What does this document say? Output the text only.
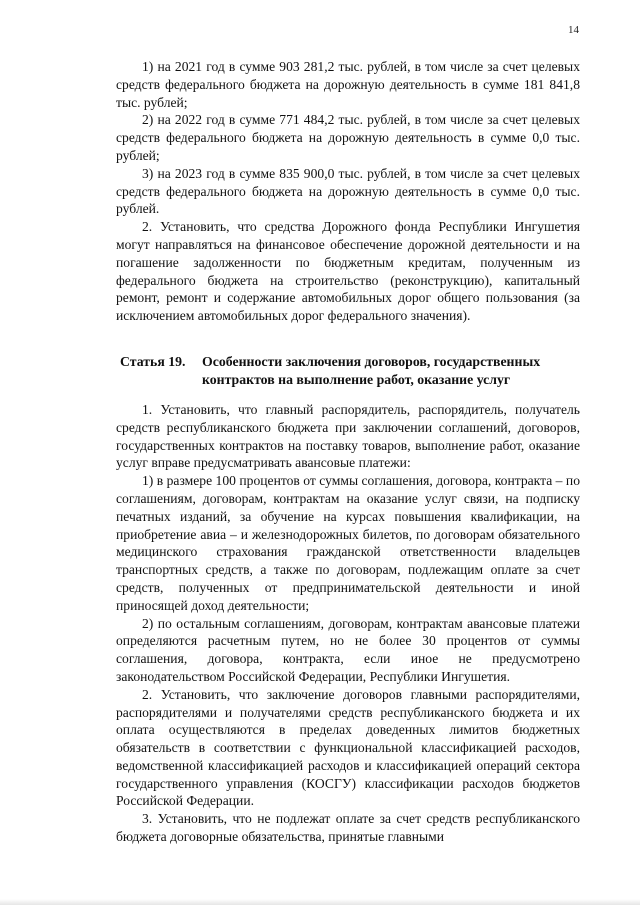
14

1) на 2021 год в сумме 903 281,2 тыс. рублей, в том числе за счет целевых средств федерального бюджета на дорожную деятельность в сумме 181 841,8 тыс. рублей;

2) на 2022 год в сумме 771 484,2 тыс. рублей, в том числе за счет целевых средств федерального бюджета на дорожную деятельность в сумме 0,0 тыс. рублей;

3) на 2023 год в сумме 835 900,0 тыс. рублей, в том числе за счет целевых средств федерального бюджета на дорожную деятельность в сумме 0,0 тыс. рублей.

2. Установить, что средства Дорожного фонда Республики Ингушетия могут направляться на финансовое обеспечение дорожной деятельности и на погашение задолженности по бюджетным кредитам, полученным из федерального бюджета на строительство (реконструкцию), капитальный ремонт, ремонт и содержание автомобильных дорог общего пользования (за исключением автомобильных дорог федерального значения).

Статья 19.	Особенности заключения договоров, государственных контрактов на выполнение работ, оказание услуг

1. Установить, что главный распорядитель, распорядитель, получатель средств республиканского бюджета при заключении соглашений, договоров, государственных контрактов на поставку товаров, выполнение работ, оказание услуг вправе предусматривать авансовые платежи:

1) в размере 100 процентов от суммы соглашения, договора, контракта – по соглашениям, договорам, контрактам на оказание услуг связи, на подписку печатных изданий, за обучение на курсах повышения квалификации, на приобретение авиа – и железнодорожных билетов, по договорам обязательного медицинского страхования гражданской ответственности владельцев транспортных средств, а также по договорам, подлежащим оплате за счет средств, полученных от предпринимательской деятельности и иной приносящей доход деятельности;

2) по остальным соглашениям, договорам, контрактам авансовые платежи определяются расчетным путем, но не более 30 процентов от суммы соглашения, договора, контракта, если иное не предусмотрено законодательством Российской Федерации, Республики Ингушетия.

2. Установить, что заключение договоров главными распорядителями, распорядителями и получателями средств республиканского бюджета и их оплата осуществляются в пределах доведенных лимитов бюджетных обязательств в соответствии с функциональной классификацией расходов, ведомственной классификацией расходов и классификацией операций сектора государственного управления (КОСГУ) классификации расходов бюджетов Российской Федерации.

3. Установить, что не подлежат оплате за счет средств республиканского бюджета договорные обязательства, принятые главными
